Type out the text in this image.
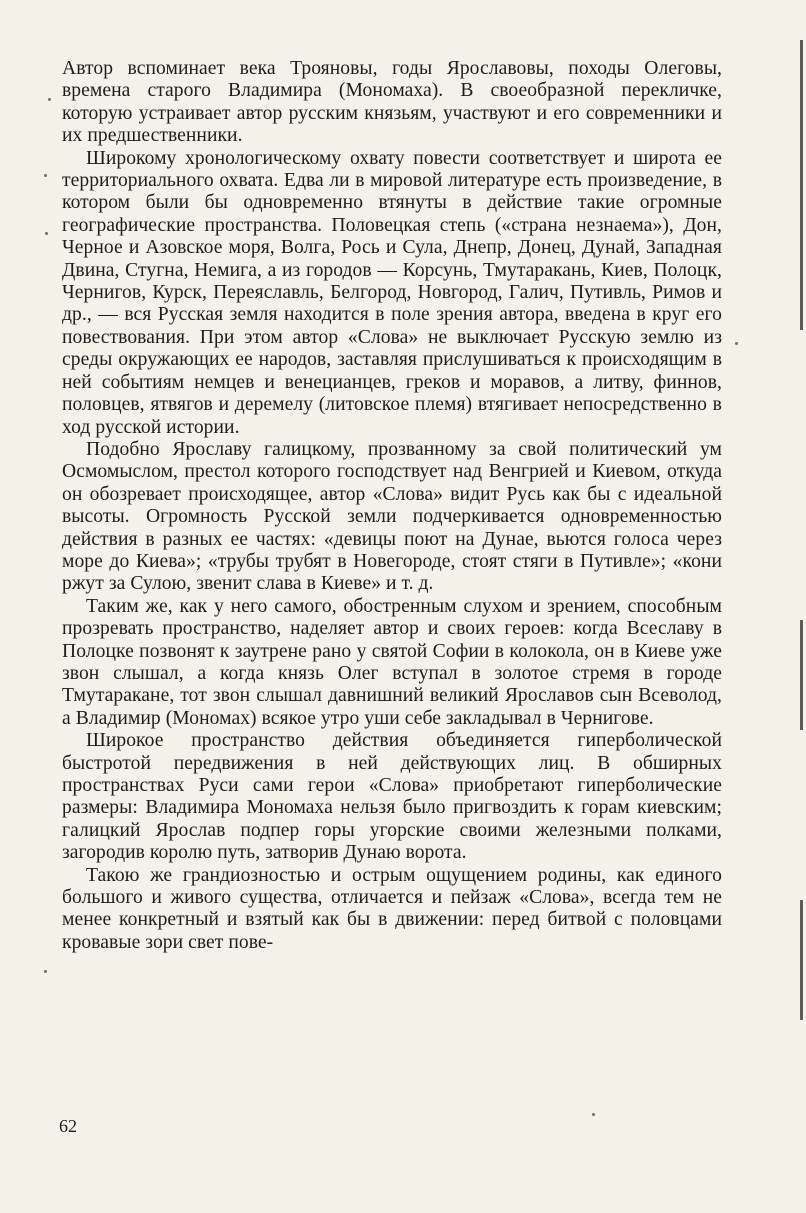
Автор вспоминает века Трояновы, годы Ярославовы, походы Олеговы, времена старого Владимира (Мономаха). В своеобразной перекличке, которую устраивает автор русским князьям, участвуют и его современники и их предшественники.

Широкому хронологическому охвату повести соответствует и широта ее территориального охвата. Едва ли в мировой литературе есть произведение, в котором были бы одновременно втянуты в действие такие огромные географические пространства. Половецкая степь («страна незнаема»), Дон, Черное и Азовское моря, Волга, Рось и Сула, Днепр, Донец, Дунай, Западная Двина, Стугна, Немига, а из городов — Корсунь, Тмутаракань, Киев, Полоцк, Чернигов, Курск, Переяславль, Белгород, Новгород, Галич, Путивль, Римов и др., — вся Русская земля находится в поле зрения автора, введена в круг его повествования. При этом автор «Слова» не выключает Русскую землю из среды окружающих ее народов, заставляя прислушиваться к происходящим в ней событиям немцев и венецианцев, греков и моравов, а литву, финнов, половцев, ятвягов и деремелу (литовское племя) втягивает непосредственно в ход русской истории.

Подобно Ярославу галицкому, прозванному за свой политический ум Осмомыслом, престол которого господствует над Венгрией и Киевом, откуда он обозревает происходящее, автор «Слова» видит Русь как бы с идеальной высоты. Огромность Русской земли подчеркивается одновременностью действия в разных ее частях: «девицы поют на Дунае, вьются голоса через море до Киева»; «трубы трубят в Новегороде, стоят стяги в Путивле»; «кони ржут за Сулою, звенит слава в Киеве» и т. д.

Таким же, как у него самого, обостренным слухом и зрением, способным прозревать пространство, наделяет автор и своих героев: когда Всеславу в Полоцке позвонят к заутрене рано у святой Софии в колокола, он в Киеве уже звон слышал, а когда князь Олег вступал в золотое стремя в городе Тмутаракане, тот звон слышал давнишний великий Ярославов сын Всеволод, а Владимир (Мономах) всякое утро уши себе закладывал в Чернигове.

Широкое пространство действия объединяется гиперболической быстротой передвижения в ней действующих лиц. В обширных пространствах Руси сами герои «Слова» приобретают гиперболические размеры: Владимира Мономаха нельзя было пригвоздить к горам киевским; галицкий Ярослав подпер горы угорские своими железными полками, загородив королю путь, затворив Дунаю ворота.

Такою же грандиозностью и острым ощущением родины, как единого большого и живого существа, отличается и пейзаж «Слова», всегда тем не менее конкретный и взятый как бы в движении: перед битвой с половцами кровавые зори свет пове-

62
